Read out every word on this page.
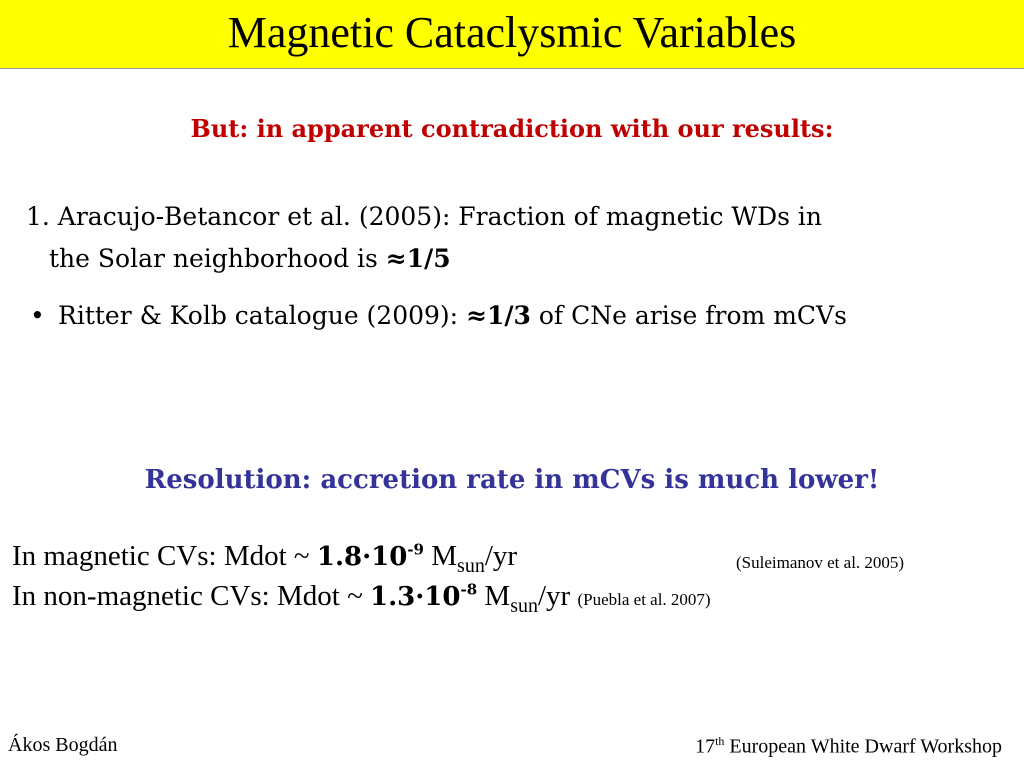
Magnetic Cataclysmic Variables
But: in apparent contradiction with our results:
1. Aracujo-Betancor et al. (2005): Fraction of magnetic WDs in
the Solar neighborhood is ≈1/5
• Ritter & Kolb catalogue (2009): ≈1/3 of CNe arise from mCVs
Resolution: accretion rate in mCVs is much lower!
In magnetic CVs: Mdot ~ $1.8\cdot 10^{-9}$ $M_{sun}/yr$	(Suleimanov et al. 2005)
In non-magnetic CVs: Mdot ~ $1.3\cdot 10^{-8}$ $M_{sun}/yr$ (Puebla et al. 2007)
Ákos Bogdán	17th European White Dwarf Workshop
